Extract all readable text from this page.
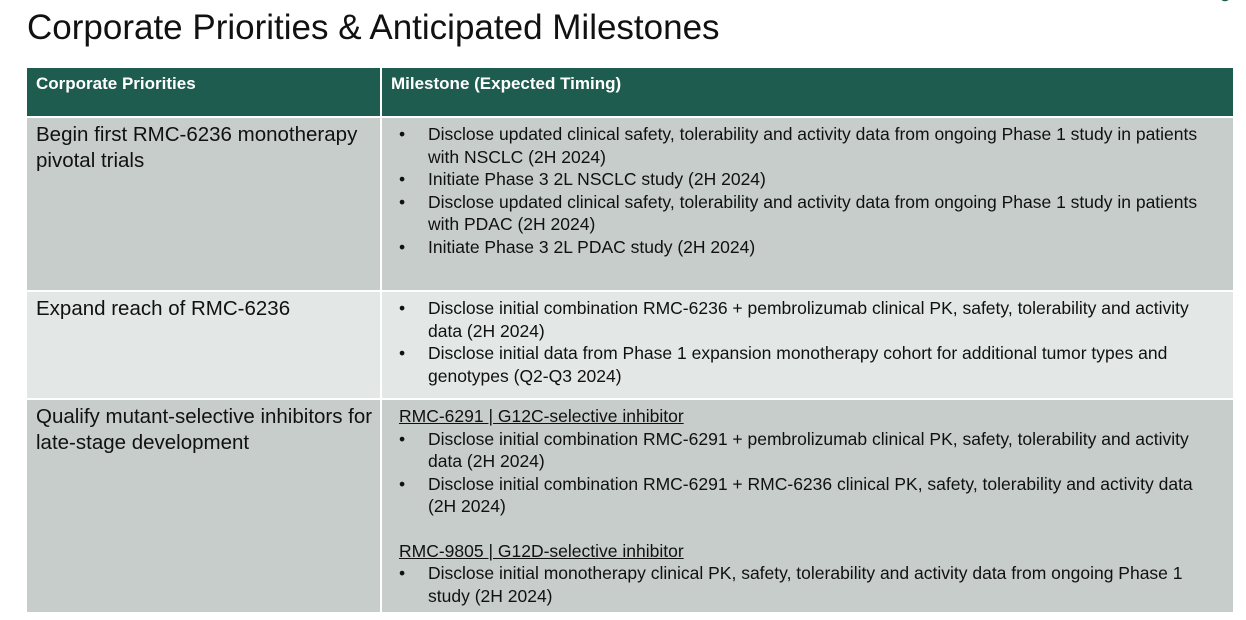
Corporate Priorities & Anticipated Milestones
Corporate Priorities	Milestone (Expected Timing)
Begin first RMC-6236 monotherapy pivotal trials
• Disclose updated clinical safety, tolerability and activity data from ongoing Phase 1 study in patients with NSCLC (2H 2024)
• Initiate Phase 3 2L NSCLC study (2H 2024)
• Disclose updated clinical safety, tolerability and activity data from ongoing Phase 1 study in patients with PDAC (2H 2024)
• Initiate Phase 3 2L PDAC study (2H 2024)
Expand reach of RMC-6236
•	Disclose initial combination RMC-6236 + pembrolizumab clinical PK, safety, tolerability and activity data (2H 2024)
• Disclose initial data from Phase 1 expansion monotherapy cohort for additional tumor types and genotypes (Q2-Q3 2024)
Qualify mutant-selective inhibitors for late-stage development
RMC-6291 | G12C-selective inhibitor
• Disclose initial combination RMC-6291 + pembrolizumab clinical PK, safety, tolerability and activity data (2H 2024)
• Disclose initial combination RMC-6291 + RMC-6236 clinical PK, safety, tolerability and activity data (2H 2024)
RMC-9805 | G12D-selective inhibitor
• Disclose initial monotherapy clinical PK, safety, tolerability and activity data from ongoing Phase 1 study (2H 2024)
